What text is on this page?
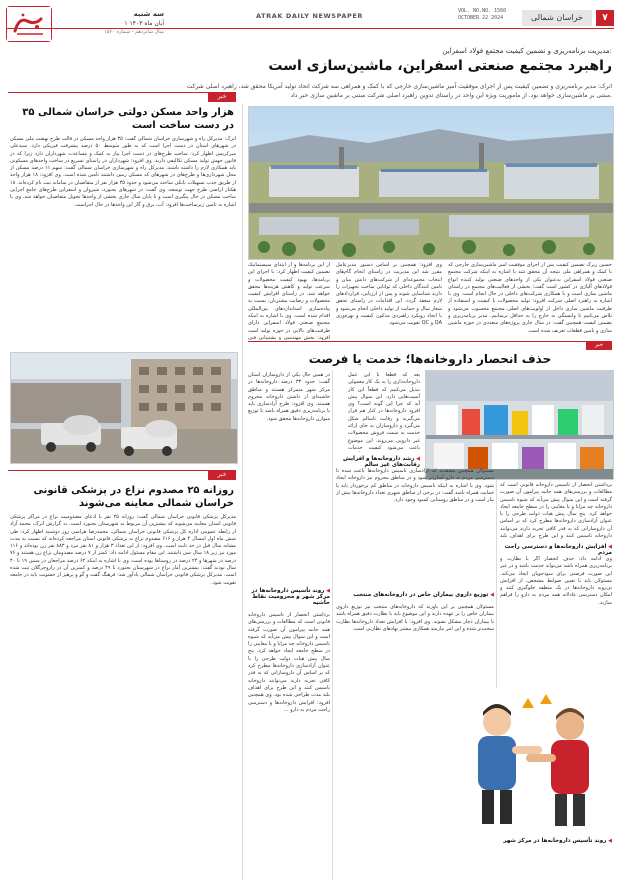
سه شنبه
۱ آبان ماه ۱۴۰۳
سال شانزدهم - شماره ۱۵۶۰
ATRAK DAILY NEWSPAPER
VOL. NO.NO. 1560
OCTOBER 22 2024	خراسان شمالی	۷
مدیریت برنامه‌ریزی و تضمین کیفیت مجتمع فولاد اسفراین:
راهبرد مجتمع صنعتی اسفراین، ماشین‌سازی است
اترک: مدیر برنامه‌ریزی و تضمین کیفیت پس از اجرای موفقیت آمیز ماشین‌سازی خارجی که با کمک و همراهی سه شرکت اتحاد تولید آمریکا محقق شد، راهبرد اصلی شرکت مبتنی بر ماشین‌سازی خواهد بود. از ماموریت ویژه این واحد در راستای تدوین راهبرد اصلی شرکت مبتنی بر ماشین سازی خبر داد.
حسین زیرک تضمین کیفیت پس از اجرای موفقیت آمیز ماشین‌سازی خارجی که با کمک و همراهی ملی نتیجه آن محقق شد با اشاره به اینکه شرکت مجتمع صنعتی فولاد اسفراین به‌عنوان یکی از واحدهای صنعتی تولید کننده انواع فولادهای آلیاژی در کشور است گفت: بخشی از فعالیت‌های مجتمع در راستای ماشین سازی است و با همکاری شرکت‌های داخلی در حال انجام است. وی با اشاره به راهبرد اصلی شرکت افزود: تولید محصولات با کیفیت و استفاده از ظرفیت ماشین سازی داخل از اولویت‌های اصلی مجتمع محسوب می‌شود و تلاش می‌کنیم تا وابستگی به خارج را به حداقل برسانیم. مدیر برنامه‌ریزی و تضمین کیفیت همچنین گفت: در سال جاری پروژه‌های متعددی در حوزه ماشین سازی و تامین قطعات تعریف شده است.
وی افزود: همچنین بر اساس دستور مدیرعامل مقرر شد این مدیریت در راستای انجام گام‌های انتخاب مجموعه‌ای از شرکت‌های دانش بنیان و تامین کنندگان داخلی که توانایی ساخت تجهیزات را دارند شناسایی شوند و پس از ارزیابی، قراردادهای لازم منعقد گردد. این اقدامات در راستای تحقق شعار سال و حمایت از تولید داخلی انجام می‌شود و با اتخاذ رویکرد راهبردی مذکور، کیفیت و بهره‌وری QA و QC تقویت می‌شود.
از این برنامه‌ها و از ابتدای سیستماتیک تضمین کیفیت اظهار کرد: با اجرای این برنامه‌ها، بهبود کیفیت محصولات و سرعت تولید و کاهش هزینه‌ها محقق خواهد شد. در راستای افزایش کیفیت محصولات و رضایت مشتریان، نسبت به پیاده‌سازی استانداردهای بین‌المللی اقدام شده است. وی با اشاره به اینکه مجتمع صنعتی فولاد اسفراین دارای ظرفیت‌های بالایی در حوزه تولید است افزود: بخش مهندسی و پشتیبانی فنی
خبر
۳۵ هزار واحد مسکن دولتی خراسان شمالی در دست ساخت است
اترک: مدیرکل راه و شهرسازی خراسان شمالی گفت: ۳۵ هزار واحد مسکن در قالب طرح نهضت ملی مسکن در شهرهای استان در دست اجرا است که به طور متوسط ۵۰ درصد پیشرفت فیزیکی دارد. سیدعلی میرکریمی اظهار کرد: ساخت طرح‌های در دست اجرا نیاز به کمک و مساعدت شهرداران دارد زیرا که در قانون جهش تولید مسکن تکالیفی دارند. وی افزود: شهرداران در راستای تسریع در ساخت واحدهای مسکونی باید همکاری لازم را داشته باشند. مدیرکل راه و شهرسازی خراسان شمالی گفت: سهم ۱۱ درصد مسکن از محل شهرداری‌ها و طرح‌های در شهرهای که مسکن زمین داشتند تامین شده است. وی افزود: ۱۸ هزار واحد از طریق جذب تسهیلات بانکی ساخته می‌شود و حدود ۳۵ هزار نفر از متقاضیان در سامانه ثبت نام کرده‌اند. ۱۸ هکتار اراضی طرح جهت توسعه، وی گفت: در شهرهای بجنورد، شیروان و اسفراین طرح‌های جامع اجرایی ساخت مسکن در حال پیگیری است و تا پایان سال جاری بخشی از واحدها تحویل متقاضیان خواهد شد. وی با اشاره به تامین زیرساخت‌ها افزود: آب، برق و گاز این واحدها در حال اجراست.
خبر
روزانه ۲۵ مصدوم نزاع در پزشکی قانونی خراسان شمالی معاینه می‌شوند
مدیرکل پزشکی قانونی خراسان شمالی گفت: روزانه ۲۵ نفر با ادعای مصدومیت نزاع در مراکز پزشکی قانونی استان معاینه می‌شوند که بیشترین آن مربوط به شهرستان بجنورد است. به گزارش اترک، محمد آزاد ار رابطه عمومی اداره کل پزشکی قانونی خراسان شمالی، محمدرضا هراسی روز دوشنبه اظهار کرد: طی شش ماه اول امسال ۴ هزار و ۶۱۶ مصدوم نزاع به پزشکی قانونی استان مراجعه کرده‌اند که نسبت به مدت مشابه سال قبل در حد ثابت است. وی افزود: از این تعداد ۳ هزار و ۸۱ نفر مرد و ۸۸۳ نفر زن بوده‌اند و ۱۱۶ مورد نیز زیر ۱۸ سال سن داشتند. این مقام مسئول ادامه داد: کمتر از ۷ درصد مصدومان نزاع زن هستند و ۷۶ درصد در شهرها و ۲۴ درصد در روستاها بوده است. وی با اشاره به اینکه ۶۴ درصد مراجعان در سنین ۱۹ تا ۴۰ سال بودند گفت: بیشترین آمار نزاع در شهرستان بجنورد با ۴۹ درصد و کمترین آن در رازوجرگلان ثبت شده است. مدیرکل پزشکی قانونی خراسان شمالی یادآور شد: فرهنگ گفت و گو و پرهیز از خشونت باید در جامعه تقویت شود.
خبر
حذف انحصار داروخانه‌ها؛ خدمت یا فرصت
برداشتن انحصار از تأسیس داروخانه قانونی است که مطالعات و بررسی‌های همه جانبه پیرامون آن صورت گرفته است و این سوال پیش می‌آید که شیوه تاسیس داروخانه چه مزایا و یا معایبی را در سطح جامعه ایجاد خواهد کرد. پنج سال پیش هیات دولت طرحی را با عنوان آزادسازی داروخانه‌ها مطرح کرد که بر اساس آن داروسازانی که به قدر کافی تجربه دارند می‌توانند داروخانه تاسیس کنند و این طرح برای اهداف بلند
◀ افزایش داروخانه‌ها و دسترسی راحت مردم
وی ادامه داد: حذف انحصار اگر با نظارت و برنامه‌ریزی همراه باشد می‌تواند خدمت باشد و در غیر این صورت فرصتی برای سودجویان ایجاد می‌کند. مسئولان باید با تعیین ضوابط مشخص، از افزایش بی‌رویه داروخانه‌ها در یک منطقه جلوگیری کنند و امکان دسترسی عادلانه همه مردم به دارو را فراهم سازند.
بعد که قطعاً با این عمل داروخانه‌داری را به یک کار معمولی تبدیل می‌کنیم که قطعاً این کار آسیب‌هایی دارد. این سوال پیش آید که چرا این گونه است؟ وی افزود داروخانه‌ها در کنار هم قرار می‌گیرند و رقابت ناسالم شکل می‌گیرد و داروسازان به جای ارائه خدمت به سمت فروش محصولات غیر دارویی می‌روند. این موضوع باعث می‌شود کیفیت خدمات
◀ رشد داروخانه‌ها و افزایش رقابت‌های غیر سالم
مسئولان همچنین معتقدند که آزادسازی تاسیس داروخانه‌ها باعث شده تا دسترسی مردم به دارو آسان‌تر شود و در مناطق محروم نیز داروخانه ایجاد شود. وی با اشاره به اینکه تاسیس داروخانه در مناطق کم برخوردار باید با حمایت همراه باشد گفت: در برخی از مناطق شهری تعداد داروخانه‌ها بیش از نیاز است و در مناطق روستایی کمبود وجود دارد.
◀ توزیع داروی بیماران خاص در داروخانه‌های منتخب
مسئولان همچنین بر این باورند که داروخانه‌های منتخب نیز توزیع داروی بیماران خاص را بر عهده دارند و این موضوع باید با نظارت دقیق همراه باشد تا بیماران دچار مشکل نشوند. وی افزود: با افزایش تعداد داروخانه‌ها نظارت سخت‌تر شده و این امر نیازمند همکاری بیشتر نهادهای نظارتی است.
در همین حال یکی از داروسازان استان گفت: حدود ۳۳ درصد داروخانه‌ها در مرکز شهر متمرکز هستند و مناطق حاشیه‌ای از داشتن داروخانه محروم هستند. وی افزود: طرح آزادسازی باید با برنامه‌ریزی دقیق همراه باشد تا توزیع متوازن داروخانه‌ها محقق شود.
◀ روند تأسیس داروخانه‌ها در مرکز شهر و محرومیت نقاط حاشیه
برداشتن انحصار از تأسیس داروخانه قانونی است که مطالعات و بررسی‌های همه جانبه پیرامون آن صورت گرفته است و این سوال پیش می‌آید که شیوه تاسیس داروخانه چه مزایا و یا معایبی را در سطح جامعه ایجاد خواهد کرد. پنج سال پیش هیات دولت طرحی را با عنوان آزادسازی داروخانه‌ها مطرح کرد که بر اساس آن داروسازانی که به قدر کافی تجربه دارند می‌توانند داروخانه تاسیس کنند و این طرح برای اهداف بلند مدت طراحی شده بود. وی همچنین افزود: افزایش داروخانه‌ها و دسترسی راحت مردم به دارو ...
◀ روند تأسیس داروخانه‌ها در مرکز شهر
